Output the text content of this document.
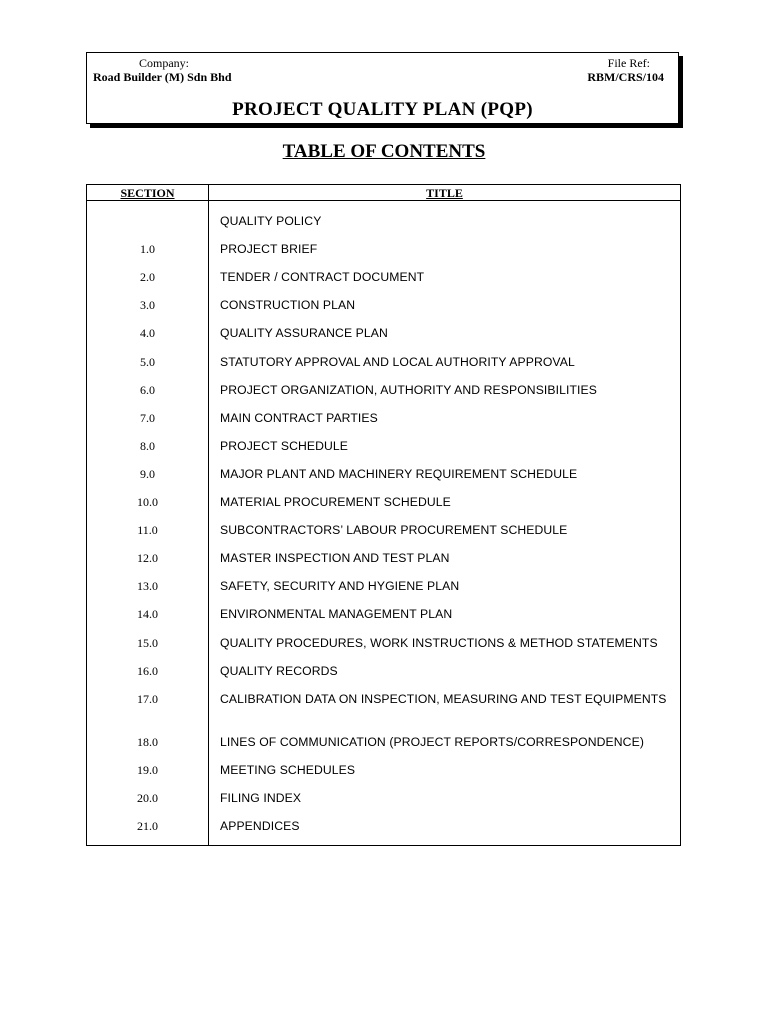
Company:
Road Builder (M) Sdn Bhd
File Ref:
RBM/CRS/104
PROJECT QUALITY PLAN (PQP)
TABLE OF CONTENTS
SECTION	TITLE
QUALITY POLICY
1.0	PROJECT BRIEF
2.0	TENDER / CONTRACT DOCUMENT
3.0	CONSTRUCTION PLAN
4.0	QUALITY ASSURANCE PLAN
5.0	STATUTORY APPROVAL AND LOCAL AUTHORITY APPROVAL
6.0	PROJECT ORGANIZATION, AUTHORITY AND RESPONSIBILITIES
7.0	MAIN CONTRACT PARTIES
8.0	PROJECT SCHEDULE
9.0	MAJOR PLANT AND MACHINERY REQUIREMENT SCHEDULE
10.0	MATERIAL PROCUREMENT SCHEDULE
11.0	SUBCONTRACTORS’ LABOUR PROCUREMENT SCHEDULE
12.0	MASTER INSPECTION AND TEST PLAN
13.0	SAFETY, SECURITY AND HYGIENE PLAN
14.0	ENVIRONMENTAL MANAGEMENT PLAN
15.0	QUALITY PROCEDURES, WORK INSTRUCTIONS & METHOD STATEMENTS
16.0	QUALITY RECORDS
17.0	CALIBRATION DATA ON INSPECTION, MEASURING AND TEST EQUIPMENTS
18.0	LINES OF COMMUNICATION (PROJECT REPORTS/CORRESPONDENCE)
19.0	MEETING SCHEDULES
20.0	FILING INDEX
21.0	APPENDICES
